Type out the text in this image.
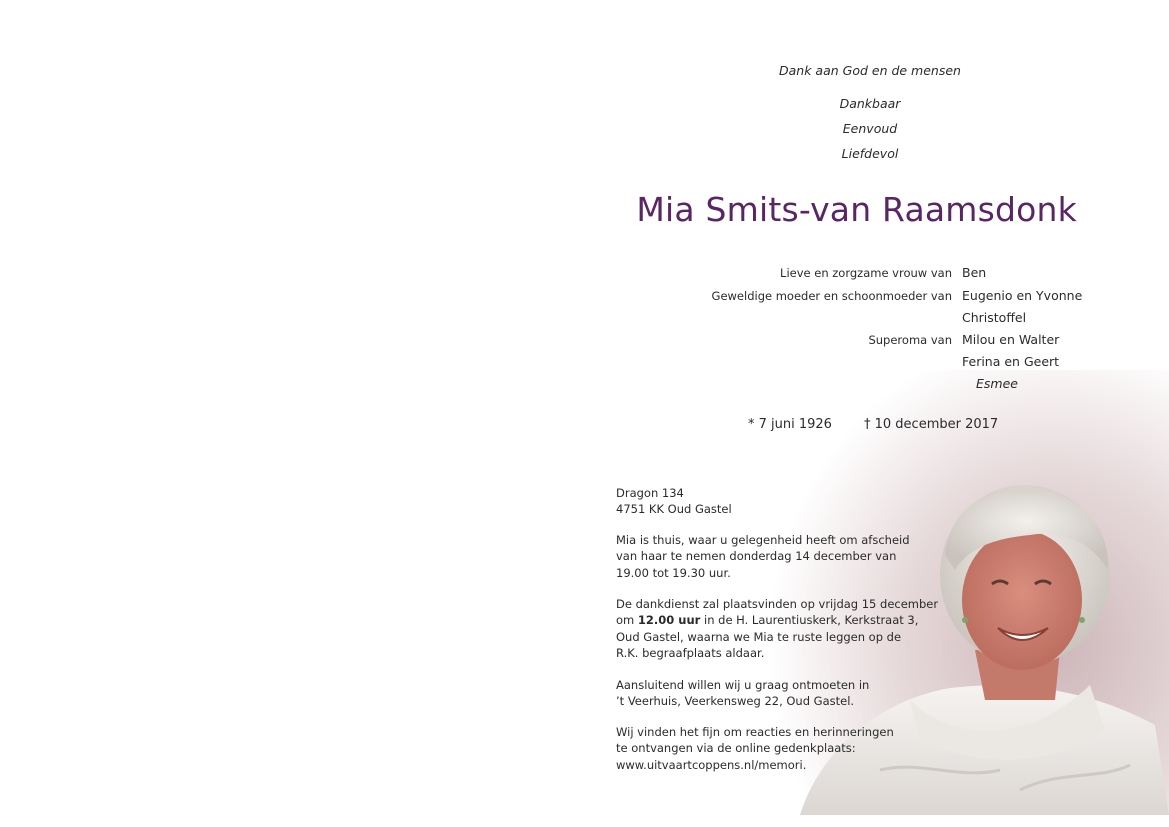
Dank aan God en de mensen
Dankbaar
Eenvoud
Liefdevol
Mia Smits-van Raamsdonk
Lieve en zorgzame vrouw van Ben
Geweldige moeder en schoonmoeder van Eugenio en Yvonne
Christoffel
Superoma van Milou en Walter
Ferina en Geert
Esmee
* 7 juni 1926 † 10 december 2017

Dragon 134

4751 KK Oud Gastel

Mia is thuis, waar u gelegenheid heeft om afscheid

van haar te nemen donderdag 14 december van

19.00 tot 19.30 uur.

De dankdienst zal plaatsvinden op vrijdag 15 december

om 12.00 uur in de H. Laurentiuskerk, Kerkstraat 3,

Oud Gastel, waarna we Mia te ruste leggen op de

R.K. begraafplaats aldaar.

Aansluitend willen wij u graag ontmoeten in

’t Veerhuis, Veerkensweg 22, Oud Gastel.

Wij vinden het fijn om reacties en herinneringen

te ontvangen via de online gedenkplaats:

www.uitvaartcoppens.nl/memori.
